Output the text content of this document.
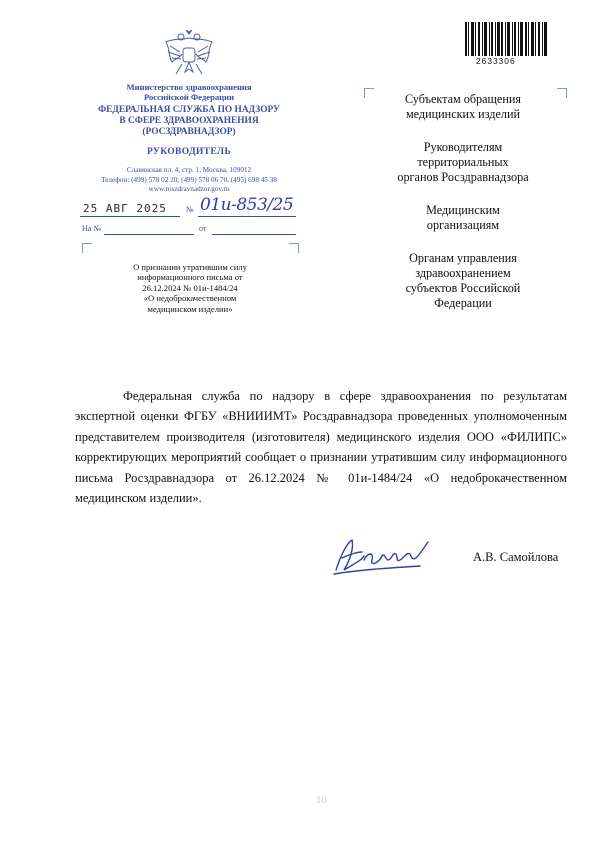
2633306
Министерство здравоохранения
Российской Федерации
ФЕДЕРАЛЬНАЯ СЛУЖБА ПО НАДЗОРУ
В СФЕРЕ ЗДРАВООХРАНЕНИЯ
(РОСЗДРАВНАДЗОР)
РУКОВОДИТЕЛЬ
Славянская пл. 4, стр. 1, Москва, 109012
Телефон: (499) 578 02 20; (499) 578 06 70, (495) 698 45 38
www.roszdravnadzor.gov.ru
25 АВГ 2025 № 01и-853/25
На №	от
О признании утратившим силу
информационного письма от
26.12.2024 № 01и-1484/24
«О недоброкачественном
медицинском изделии»
Субъектам обращения
медицинских изделий
Руководителям
территориальных
органов Росздравнадзора
Медицинским
организациям
Органам управления
здравоохранением
субъектов Российской
Федерации
Федеральная служба по надзору в сфере здравоохранения по результатам экспертной оценки ФГБУ «ВНИИИМТ» Росздравнадзора проведенных уполномоченным представителем производителя (изготовителя) медицинского изделия ООО «ФИЛИПС» корректирующих мероприятий сообщает о признании утратившим силу информационного письма Росздравнадзора от 26.12.2024 № 01и-1484/24 «О недоброкачественном медицинском изделии».
А.В. Самойлова
10
